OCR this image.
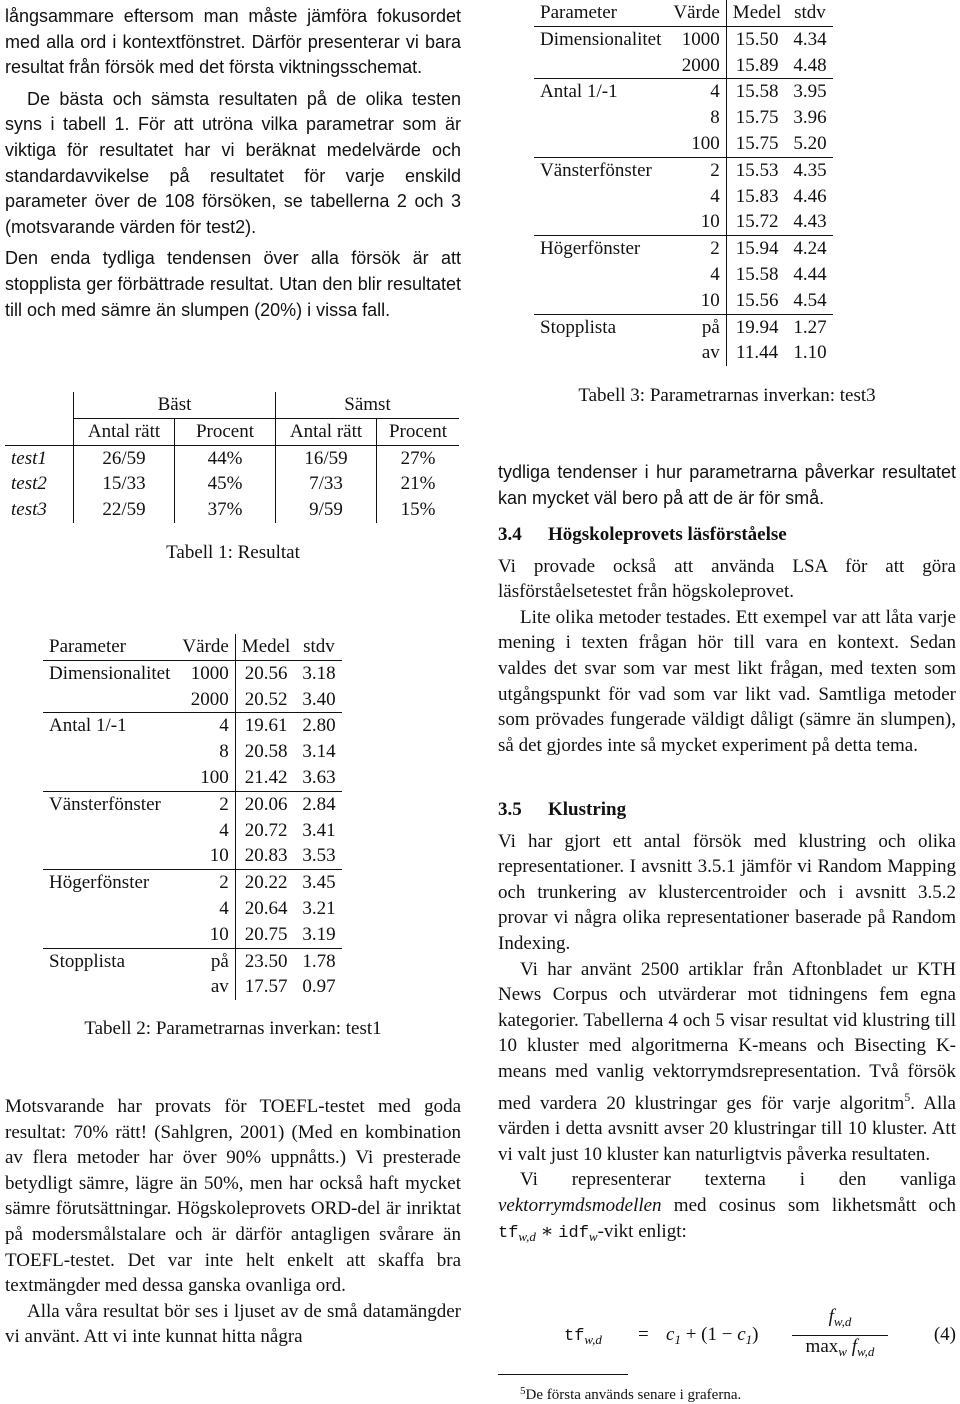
långsammare eftersom man måste jämföra fokusordet med alla ord i kontextfönstret. Därför presenterar vi bara resultat från försök med det första viktningsschemat.

De bästa och sämsta resultaten på de olika testen syns i tabell 1. För att utröna vilka parametrar som är viktiga för resultatet har vi beräknat medelvärde och standardavvikelse på resultatet för varje enskild parameter över de 108 försöken, se tabellerna 2 och 3 (motsvarande värden för test2).

Den enda tydliga tendensen över alla försök är att stopplista ger förbättrade resultat. Utan den blir resultatet till och med sämre än slumpen (20%) i vissa fall.

	Bäst		Sämst	
	Antal rätt	Procent	Antal rätt	Procent
test1	26/59	44%	16/59	27%
test2	15/33	45%	7/33	21%
test3	22/59	37%	9/59	15%
Tabell 1: Resultat
Parameter	Värde	Medel	stdv
Dimensionalitet	1000	20.56	3.18
	2000	20.52	3.40
Antal 1/-1	4	19.61	2.80
	8	20.58	3.14
	100	21.42	3.63
Vänsterfönster	2	20.06	2.84
	4	20.72	3.41
	10	20.83	3.53
Högerfönster	2	20.22	3.45
	4	20.64	3.21
	10	20.75	3.19
Stopplista	på	23.50	1.78
	av	17.57	0.97
Tabell 2: Parametrarnas inverkan: test1

Motsvarande har provats för TOEFL-testet med goda resultat: 70% rätt! (Sahlgren, 2001) (Med en kombination av flera metoder har över 90% uppnåtts.) Vi presterade betydligt sämre, lägre än 50%, men har också haft mycket sämre förutsättningar. Högskoleprovets ORD-del är inriktat på modersmålstalare och är därför antagligen svårare än TOEFL-testet. Det var inte helt enkelt att skaffa bra textmängder med dessa ganska ovanliga ord.

Alla våra resultat bör ses i ljuset av de små datamängder vi använt. Att vi inte kunnat hitta några

Parameter	Värde	Medel	stdv
Dimensionalitet	1000	15.50	4.34
	2000	15.89	4.48
Antal 1/-1	4	15.58	3.95
	8	15.75	3.96
	100	15.75	5.20
Vänsterfönster	2	15.53	4.35
	4	15.83	4.46
	10	15.72	4.43
Högerfönster	2	15.94	4.24
	4	15.58	4.44
	10	15.56	4.54
Stopplista	på	19.94	1.27
	av	11.44	1.10
Tabell 3: Parametrarnas inverkan: test3

tydliga tendenser i hur parametrarna påverkar resultatet kan mycket väl bero på att de är för små.

3.4 Högskoleprovets läsförståelse

Vi provade också att använda LSA för att göra läsförståelsetestet från högskoleprovet.

Lite olika metoder testades. Ett exempel var att låta varje mening i texten frågan hör till vara en kontext. Sedan valdes det svar som var mest likt frågan, med texten som utgångspunkt för vad som var likt vad. Samtliga metoder som prövades fungerade väldigt dåligt (sämre än slumpen), så det gjordes inte så mycket experiment på detta tema.

3.5 Klustring

Vi har gjort ett antal försök med klustring och olika representationer. I avsnitt 3.5.1 jämför vi Random Mapping och trunkering av klustercentroider och i avsnitt 3.5.2 provar vi några olika representationer baserade på Random Indexing.

Vi har använt 2500 artiklar från Aftonbladet ur KTH News Corpus och utvärderar mot tidningens fem egna kategorier. Tabellerna 4 och 5 visar resultat vid klustring till 10 kluster med algoritmerna K-means och Bisecting K-means med vanlig vektorrymdsrepresentation. Två försök med vardera 20 klustringar ges för varje algoritm$^5$. Alla värden i detta avsnitt avser 20 klustringar till 10 kluster. Att vi valt just 10 kluster kan naturligtvis påverka resultaten.

Vi representerar texterna i den vanliga vektorrymdsmodellen med cosinus som likhetsmått och $tf_{w,d}$ ∗ idf$_w$-vikt enligt:

$tf_{w,d} = c_1 + (1 - c_1)$
$f_{w,d}$
$\max_w f_{w,d}$
(4)
$^5$De första används senare i graferna.
